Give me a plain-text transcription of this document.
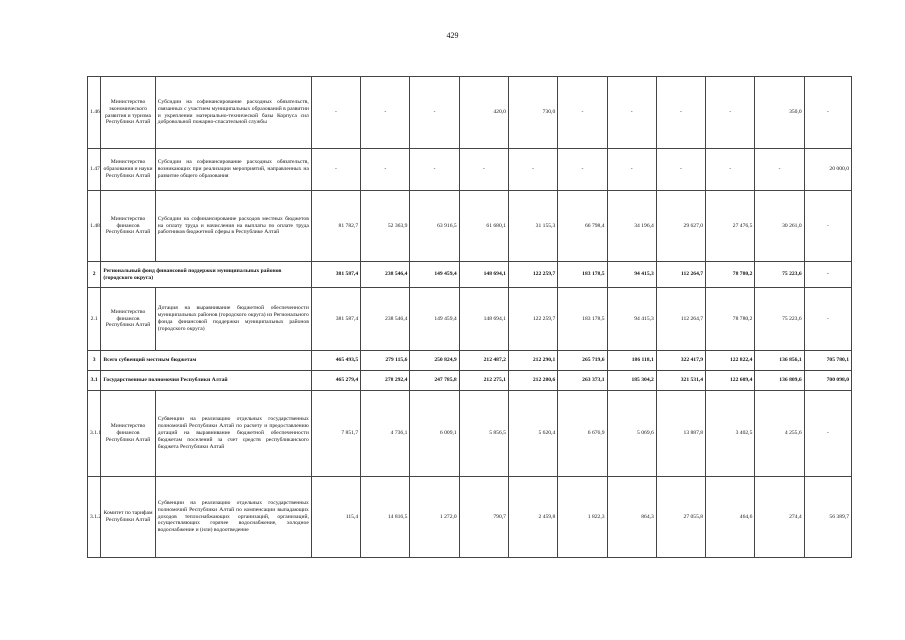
429
1.46	Министерство экономического развития и туризма Республики Алтай	Субсидии на софинансирование расходных обязательств, связанных с участием муниципальных образований в развитии и укреплении материально-технической базы Корпуса сил добровольной пожарно-спасательной службы	-	-	-	420,0	730,0	-	-	-	-	350,0	-
1.47	Министерство образования и науки Республики Алтай	Субсидии на софинансирование расходных обязательств, возникающих при реализации мероприятий, направленных на развитие общего образования	-	-	-	-	-	-	-	-	-	-	20 000,0
1.48	Министерство финансов Республики Алтай	Субсидии на софинансирование расходов местных бюджетов на оплату труда и начисления на выплаты по оплате труда работников бюджетной сферы в Республике Алтай	81 782,7	52 363,9	63 916,5	61 680,1	31 155,3	66 798,4	34 196,4	29 627,0	27 476,5	30 261,0	-
2	Региональный фонд финансовой поддержки муниципальных районов (городского округа)		381 587,4	238 546,4	149 459,4	148 694,1	122 259,7	183 178,5	94 415,3	112 264,7	78 780,2	75 223,6	-
2.1	Министерство финансов Республики Алтай	Дотация на выравнивание бюджетной обеспеченности муниципальных районов (городского округа) из Регионального фонда финансовой поддержки муниципальных районов (городского округа)	381 587,4	238 546,4	149 459,4	148 694,1	122 259,7	183 178,5	94 415,3	112 264,7	78 780,2	75 223,6	-
3	Всего субвенций местным бюджетам		465 493,5	279 115,6	250 824,9	212 487,2	212 290,1	265 719,6	186 118,1	322 417,9	122 822,4	136 856,1	705 780,1
3.1	Государственные полномочия Республики Алтай		465 279,4	278 292,4	247 785,8	212 275,1	212 280,6	263 373,1	185 304,2	321 531,4	122 609,4	136 809,6	700 098,0
3.1.1	Министерство финансов Республики Алтай	Субвенции на реализацию отдельных государственных полномочий Республики Алтай по расчету и предоставлению дотаций на выравнивание бюджетной обеспеченности бюджетам поселений за счет средств республиканского бюджета Республики Алтай	7 851,7	4 736,1	6 009,1	5 856,5	5 620,4	6 676,9	5 069,6	13 887,8	3 402,5	4 255,6	-
3.1.2	Комитет по тарифам Республики Алтай	Субвенции на реализацию отдельных государственных полномочий Республики Алтай по компенсации выпадающих доходов теплоснабжающих организаций, организаций, осуществляющих горячее водоснабжение, холодное водоснабжение и (или) водоотведение	115,4	14 816,5	1 272,0	790,7	2 459,8	1 822,3	864,3	27 055,8	464,6	274,4	56 389,7
